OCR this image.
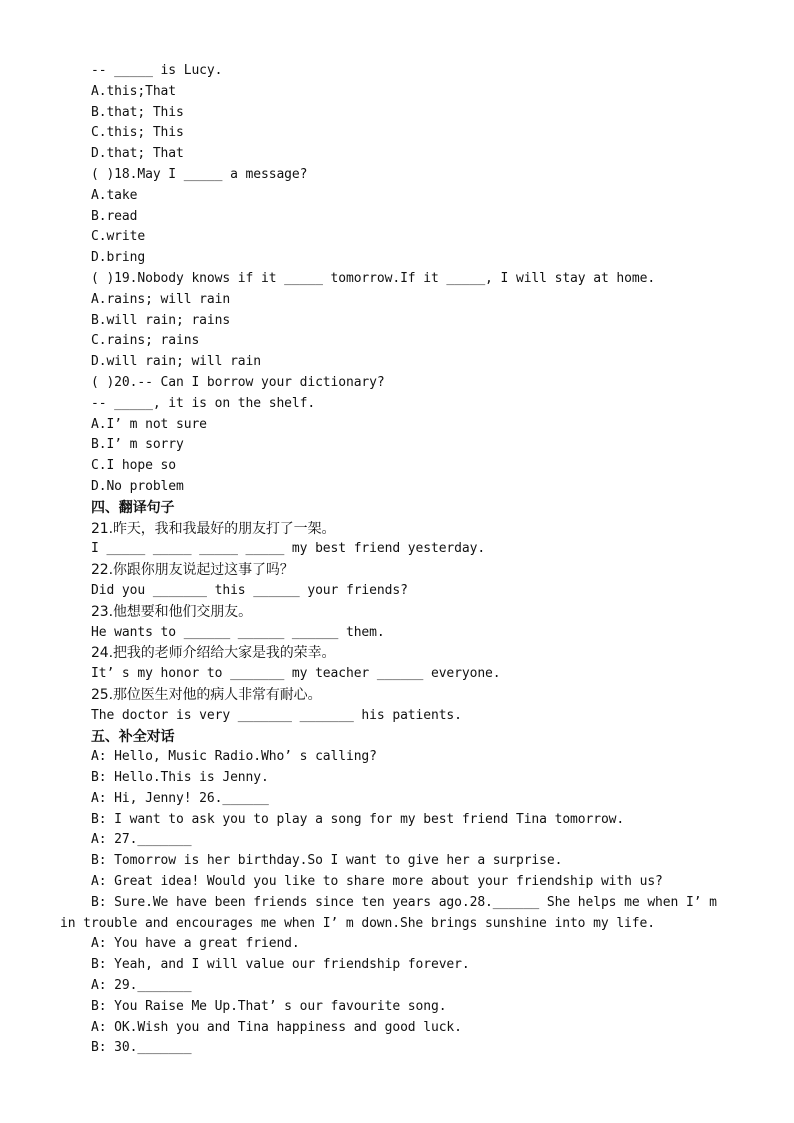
-- _____ is Lucy.
A.this;That
B.that; This
C.this; This
D.that; That
( )18.May I _____ a message?
A.take
B.read
C.write
D.bring
( )19.Nobody knows if it _____ tomorrow.If it _____, I will stay at home.
A.rains; will rain
B.will rain; rains
C.rains; rains
D.will rain; will rain
( )20.-- Can I borrow your dictionary?
-- _____, it is on the shelf.
A.I’ m not sure
B.I’ m sorry
C.I hope so
D.No problem
四、翻译句子
21.昨天，我和我最好的朋友打了一架。
I _____ _____ _____ _____ my best friend yesterday.
22.你跟你朋友说起过这事了吗？
Did you _______ this ______ your friends?
23.他想要和他们交朋友。
He wants to ______ ______ ______ them.
24.把我的老师介绍给大家是我的荣幸。
It’ s my honor to _______ my teacher ______ everyone.
25.那位医生对他的病人非常有耐心。
The doctor is very _______ _______ his patients.
五、补全对话
A: Hello, Music Radio.Who’ s calling?
B: Hello.This is Jenny.
A: Hi, Jenny! 26.______
B: I want to ask you to play a song for my best friend Tina tomorrow.
A: 27._______
B: Tomorrow is her birthday.So I want to give her a surprise.
A: Great idea! Would you like to share more about your friendship with us?
B: Sure.We have been friends since ten years ago.28.______ She helps me when I’ m
in trouble and encourages me when I’ m down.She brings sunshine into my life.
A: You have a great friend.
B: Yeah, and I will value our friendship forever.
A: 29._______
B: You Raise Me Up.That’ s our favourite song.
A: OK.Wish you and Tina happiness and good luck.
B: 30._______
